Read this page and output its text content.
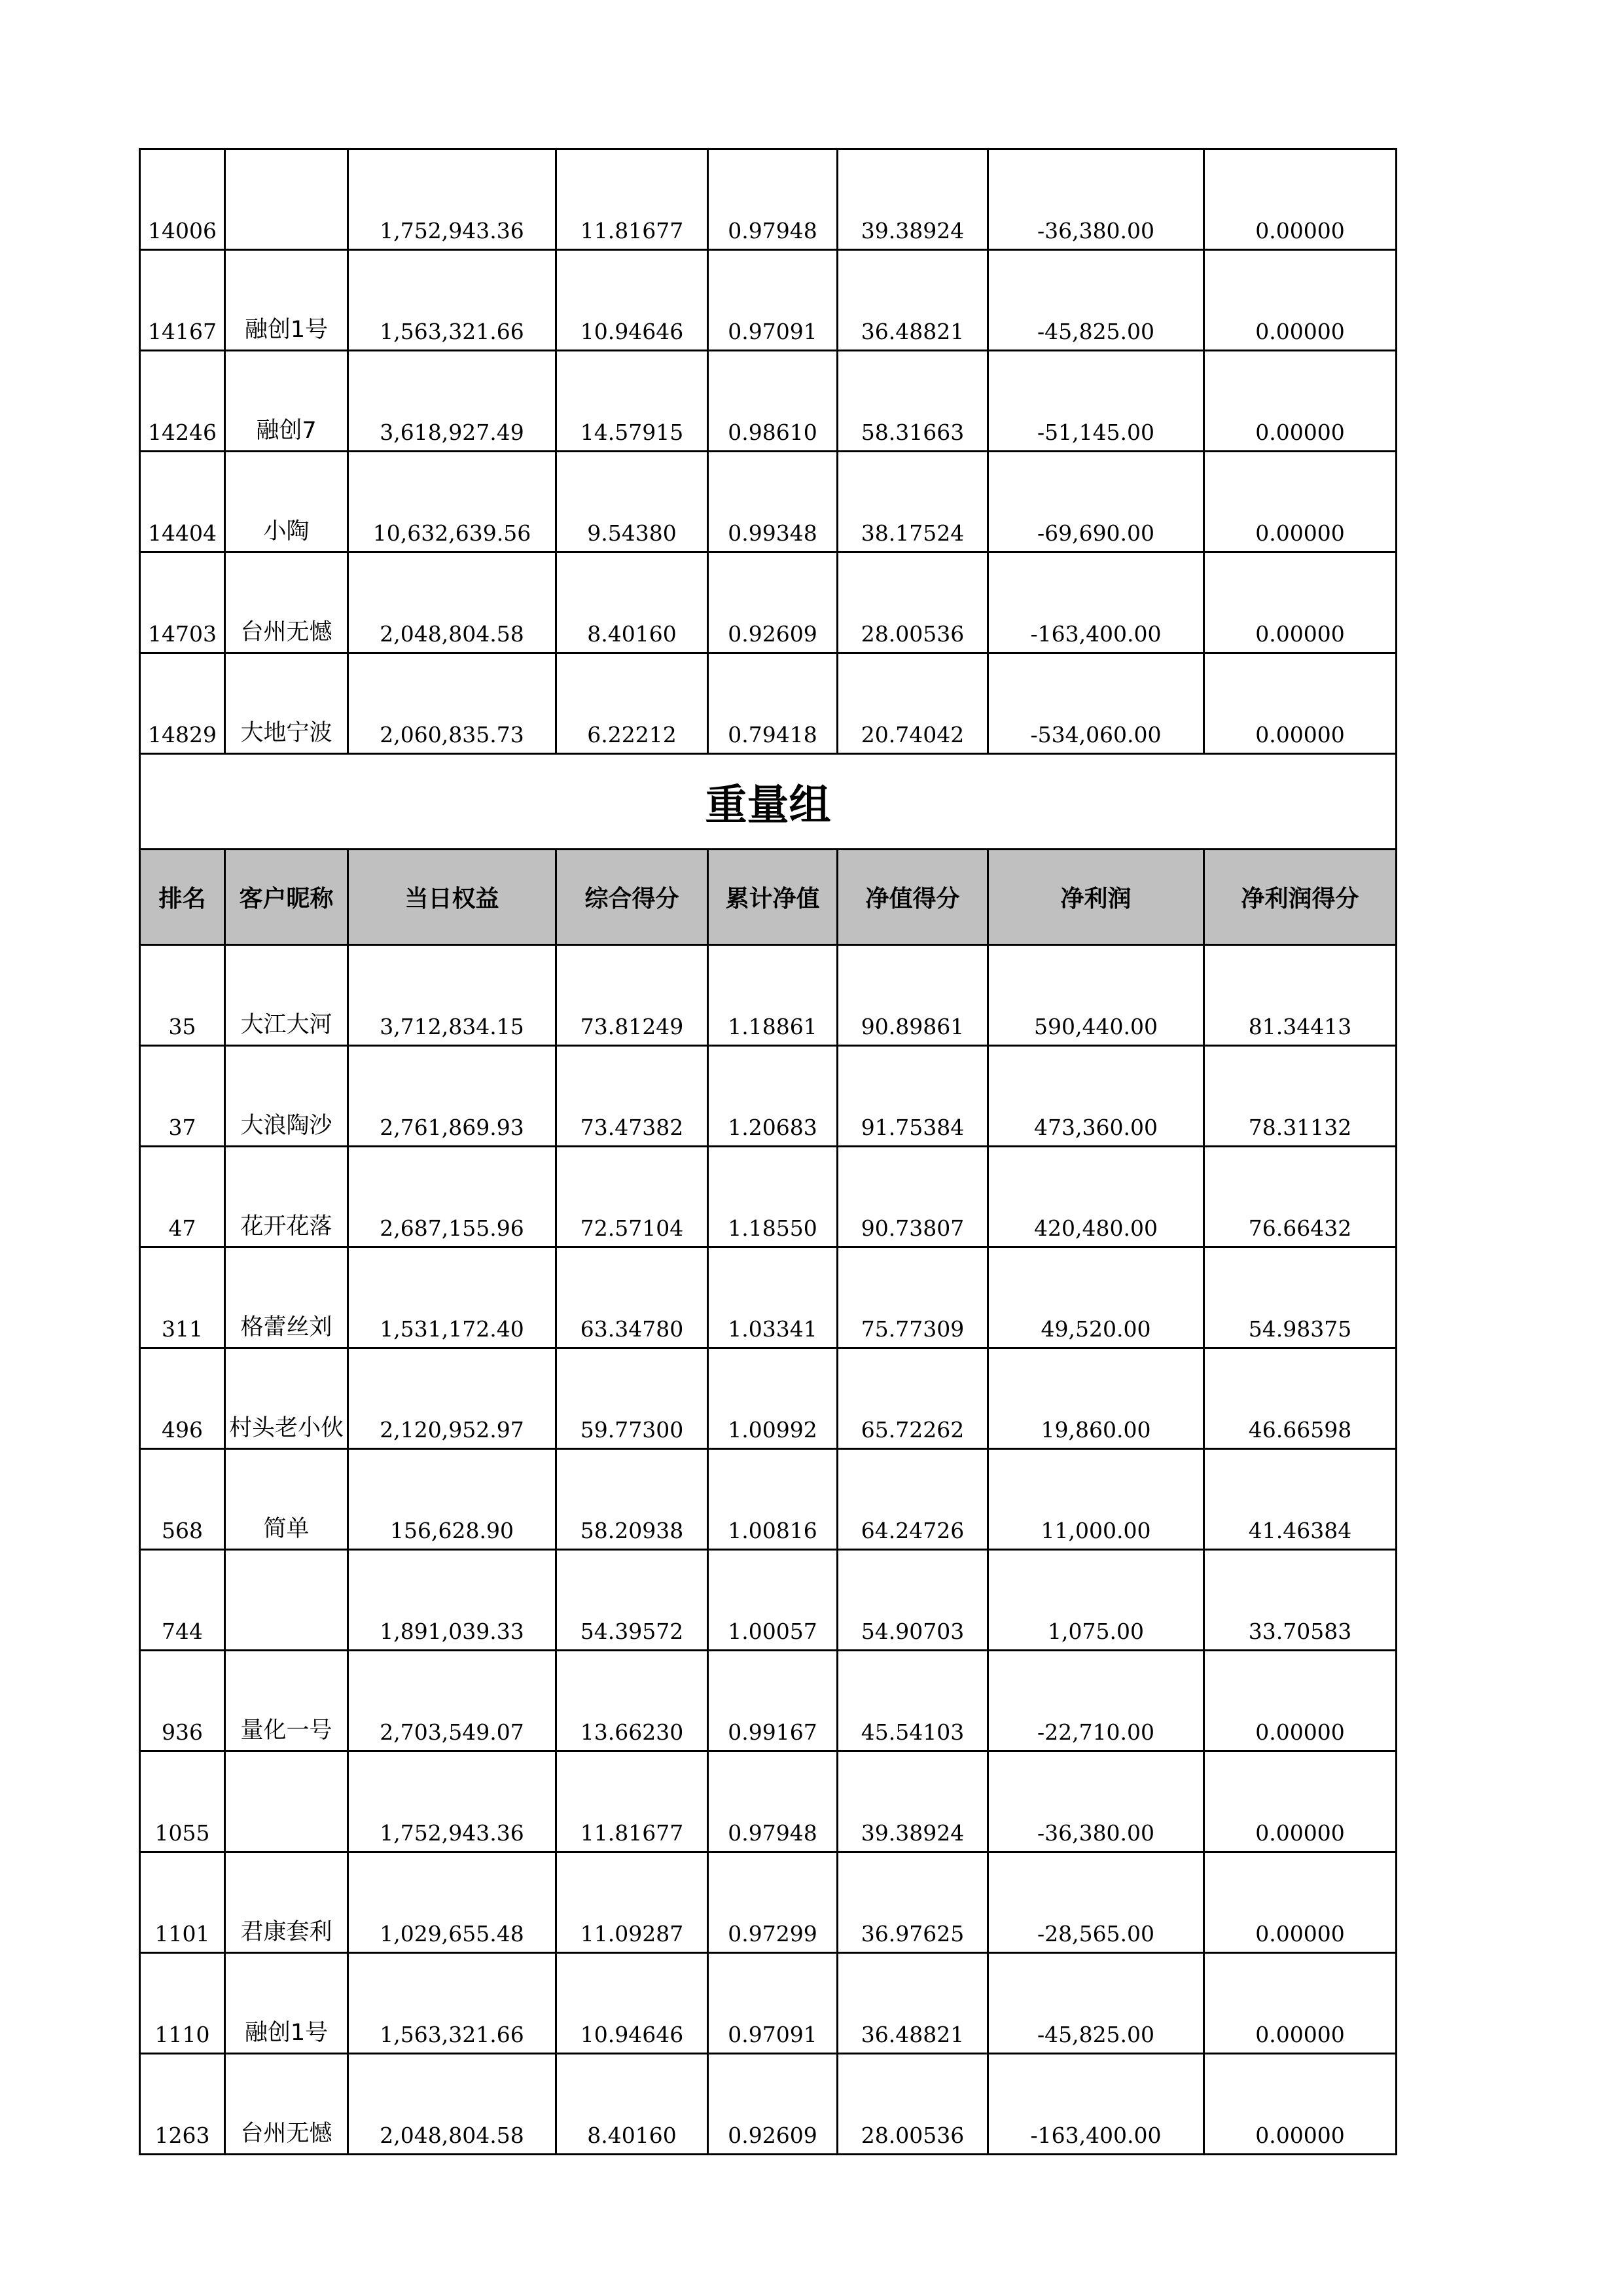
14006		1,752,943.36	11.81677	0.97948	39.38924	-36,380.00	0.00000
14167	融创1号	1,563,321.66	10.94646	0.97091	36.48821	-45,825.00	0.00000
14246	融创7	3,618,927.49	14.57915	0.98610	58.31663	-51,145.00	0.00000
14404	小陶	10,632,639.56	9.54380	0.99348	38.17524	-69,690.00	0.00000
14703	台州无憾	2,048,804.58	8.40160	0.92609	28.00536	-163,400.00	0.00000
14829	大地宁波	2,060,835.73	6.22212	0.79418	20.74042	-534,060.00	0.00000
重量组							
排名	客户昵称	当日权益	综合得分	累计净值	净值得分	净利润	净利润得分
35	大江大河	3,712,834.15	73.81249	1.18861	90.89861	590,440.00	81.34413
37	大浪陶沙	2,761,869.93	73.47382	1.20683	91.75384	473,360.00	78.31132
47	花开花落	2,687,155.96	72.57104	1.18550	90.73807	420,480.00	76.66432
311	格蕾丝刘	1,531,172.40	63.34780	1.03341	75.77309	49,520.00	54.98375
496	村头老小伙	2,120,952.97	59.77300	1.00992	65.72262	19,860.00	46.66598
568	简单	156,628.90	58.20938	1.00816	64.24726	11,000.00	41.46384
744		1,891,039.33	54.39572	1.00057	54.90703	1,075.00	33.70583
936	量化一号	2,703,549.07	13.66230	0.99167	45.54103	-22,710.00	0.00000
1055		1,752,943.36	11.81677	0.97948	39.38924	-36,380.00	0.00000
1101	君康套利	1,029,655.48	11.09287	0.97299	36.97625	-28,565.00	0.00000
1110	融创1号	1,563,321.66	10.94646	0.97091	36.48821	-45,825.00	0.00000
1263	台州无憾	2,048,804.58	8.40160	0.92609	28.00536	-163,400.00	0.00000
